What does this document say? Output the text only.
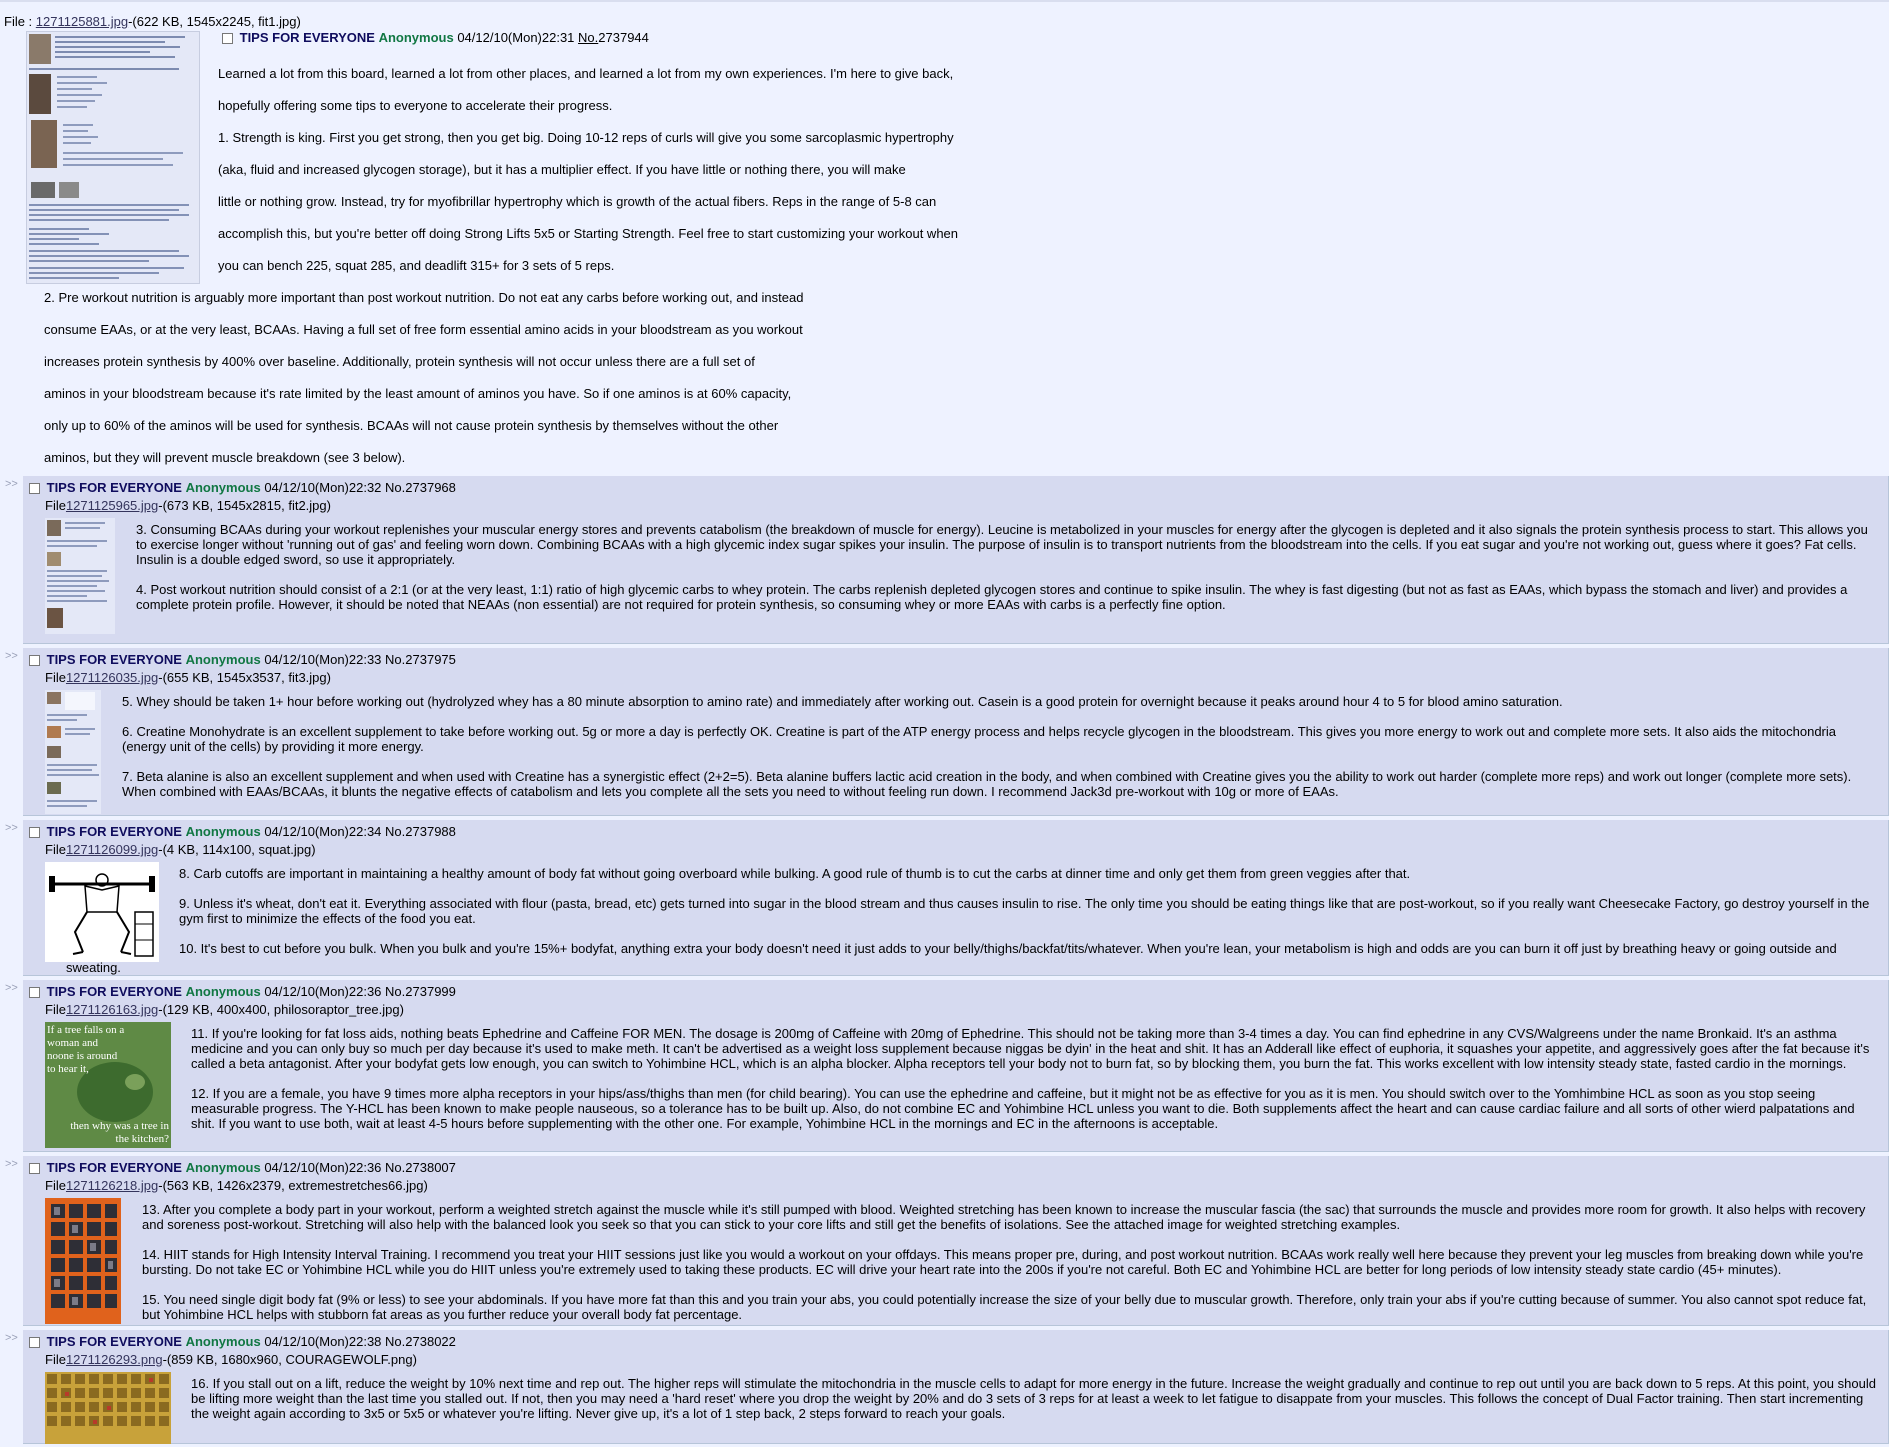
File : 1271125881.jpg-(622 KB, 1545x2245, fit1.jpg)
TIPS FOR EVERYONE Anonymous 04/12/10(Mon)22:31 No.2737944

Learned a lot from this board, learned a lot from other places, and learned a lot from my own experiences. I'm here to give back,

hopefully offering some tips to everyone to accelerate their progress.

1. Strength is king. First you get strong, then you get big. Doing 10-12 reps of curls will give you some sarcoplasmic hypertrophy

(aka, fluid and increased glycogen storage), but it has a multiplier effect. If you have little or nothing there, you will make

little or nothing grow. Instead, try for myofibrillar hypertrophy which is growth of the actual fibers. Reps in the range of 5-8 can

accomplish this, but you're better off doing Strong Lifts 5x5 or Starting Strength. Feel free to start customizing your workout when

you can bench 225, squat 285, and deadlift 315+ for 3 sets of 5 reps.

2. Pre workout nutrition is arguably more important than post workout nutrition. Do not eat any carbs before working out, and instead

consume EAAs, or at the very least, BCAAs. Having a full set of free form essential amino acids in your bloodstream as you workout

increases protein synthesis by 400% over baseline. Additionally, protein synthesis will not occur unless there are a full set of

aminos in your bloodstream because it's rate limited by the least amount of aminos you have. So if one aminos is at 60% capacity,

only up to 60% of the aminos will be used for synthesis. BCAAs will not cause protein synthesis by themselves without the other

aminos, but they will prevent muscle breakdown (see 3 below).

>>	TIPS FOR EVERYONE Anonymous 04/12/10(Mon)22:32 No.2737968
File1271125965.jpg-(673 KB, 1545x2815, fit2.jpg)

3. Consuming BCAAs during your workout replenishes your muscular energy stores and prevents catabolism (the breakdown of muscle for energy). Leucine is metabolized in your muscles for energy after the glycogen is depleted and it also signals the protein synthesis process to start. This allows you to exercise longer without 'running out of gas' and feeling worn down. Combining BCAAs with a high glycemic index sugar spikes your insulin. The purpose of insulin is to transport nutrients from the bloodstream into the cells. If you eat sugar and you're not working out, guess where it goes? Fat cells. Insulin is a double edged sword, so use it appropriately.

4. Post workout nutrition should consist of a 2:1 (or at the very least, 1:1) ratio of high glycemic carbs to whey protein. The carbs replenish depleted glycogen stores and continue to spike insulin. The whey is fast digesting (but not as fast as EAAs, which bypass the stomach and liver) and provides a complete protein profile. However, it should be noted that NEAAs (non essential) are not required for protein synthesis, so consuming whey or more EAAs with carbs is a perfectly fine option.

>>	TIPS FOR EVERYONE Anonymous 04/12/10(Mon)22:33 No.2737975
File1271126035.jpg-(655 KB, 1545x3537, fit3.jpg)

5. Whey should be taken 1+ hour before working out (hydrolyzed whey has a 80 minute absorption to amino rate) and immediately after working out. Casein is a good protein for overnight because it peaks around hour 4 to 5 for blood amino saturation.

6. Creatine Monohydrate is an excellent supplement to take before working out. 5g or more a day is perfectly OK. Creatine is part of the ATP energy process and helps recycle glycogen in the bloodstream. This gives you more energy to work out and complete more sets. It also aids the mitochondria (energy unit of the cells) by providing it more energy.

7. Beta alanine is also an excellent supplement and when used with Creatine has a synergistic effect (2+2=5). Beta alanine buffers lactic acid creation in the body, and when combined with Creatine gives you the ability to work out harder (complete more reps) and work out longer (complete more sets). When combined with EAAs/BCAAs, it blunts the negative effects of catabolism and lets you complete all the sets you need to without feeling run down. I recommend Jack3d pre-workout with 10g or more of EAAs.

>>	TIPS FOR EVERYONE Anonymous 04/12/10(Mon)22:34 No.2737988
File1271126099.jpg-(4 KB, 114x100, squat.jpg)

8. Carb cutoffs are important in maintaining a healthy amount of body fat without going overboard while bulking. A good rule of thumb is to cut the carbs at dinner time and only get them from green veggies after that.

9. Unless it's wheat, don't eat it. Everything associated with flour (pasta, bread, etc) gets turned into sugar in the blood stream and thus causes insulin to rise. The only time you should be eating things like that are post-workout, so if you really want Cheesecake Factory, go destroy yourself in the gym first to minimize the effects of the food you eat.

10. It's best to cut before you bulk. When you bulk and you're 15%+ bodyfat, anything extra your body doesn't need it just adds to your belly/thighs/backfat/tits/whatever. When you're lean, your metabolism is high and odds are you can burn it off just by breathing heavy or going outside and

sweating.
>>	TIPS FOR EVERYONE Anonymous 04/12/10(Mon)22:36 No.2737999
File1271126163.jpg-(129 KB, 400x400, philosoraptor_tree.jpg)
If a tree falls on a woman and noone is around to hear it,
then why was a tree in the kitchen?

11. If you're looking for fat loss aids, nothing beats Ephedrine and Caffeine FOR MEN. The dosage is 200mg of Caffeine with 20mg of Ephedrine. This should not be taking more than 3-4 times a day. You can find ephedrine in any CVS/Walgreens under the name Bronkaid. It's an asthma medicine and you can only buy so much per day because it's used to make meth. It can't be advertised as a weight loss supplement because niggas be dyin' in the heat and shit. It has an Adderall like effect of euphoria, it squashes your appetite, and aggressively goes after the fat because it's called a beta antagonist. After your bodyfat gets low enough, you can switch to Yohimbine HCL, which is an alpha blocker. Alpha receptors tell your body not to burn fat, so by blocking them, you burn the fat. This works excellent with low intensity steady state, fasted cardio in the mornings.

12. If you are a female, you have 9 times more alpha receptors in your hips/ass/thighs than men (for child bearing). You can use the ephedrine and caffeine, but it might not be as effective for you as it is men. You should switch over to the Yomhimbine HCL as soon as you stop seeing measurable progress. The Y-HCL has been known to make people nauseous, so a tolerance has to be built up. Also, do not combine EC and Yohimbine HCL unless you want to die. Both supplements affect the heart and can cause cardiac failure and all sorts of other wierd palpatations and shit. If you want to use both, wait at least 4-5 hours before supplementing with the other one. For example, Yohimbine HCL in the mornings and EC in the afternoons is acceptable.

>>	TIPS FOR EVERYONE Anonymous 04/12/10(Mon)22:36 No.2738007
File1271126218.jpg-(563 KB, 1426x2379, extremestretches66.jpg)

13. After you complete a body part in your workout, perform a weighted stretch against the muscle while it's still pumped with blood. Weighted stretching has been known to increase the muscular fascia (the sac) that surrounds the muscle and provides more room for growth. It also helps with recovery and soreness post-workout. Stretching will also help with the balanced look you seek so that you can stick to your core lifts and still get the benefits of isolations. See the attached image for weighted stretching examples.

14. HIIT stands for High Intensity Interval Training. I recommend you treat your HIIT sessions just like you would a workout on your offdays. This means proper pre, during, and post workout nutrition. BCAAs work really well here because they prevent your leg muscles from breaking down while you're bursting. Do not take EC or Yohimbine HCL while you do HIIT unless you're extremely used to taking these products. EC will drive your heart rate into the 200s if you're not careful. Both EC and Yohimbine HCL are better for long periods of low intensity steady state cardio (45+ minutes).

15. You need single digit body fat (9% or less) to see your abdominals. If you have more fat than this and you train your abs, you could potentially increase the size of your belly due to muscular growth. Therefore, only train your abs if you're cutting because of summer. You also cannot spot reduce fat, but Yohimbine HCL helps with stubborn fat areas as you further reduce your overall body fat percentage.

>>	TIPS FOR EVERYONE Anonymous 04/12/10(Mon)22:38 No.2738022
File1271126293.png-(859 KB, 1680x960, COURAGEWOLF.png)

16. If you stall out on a lift, reduce the weight by 10% next time and rep out. The higher reps will stimulate the mitochondria in the muscle cells to adapt for more energy in the future. Increase the weight gradually and continue to rep out until you are back down to 5 reps. At this point, you should be lifting more weight than the last time you stalled out. If not, then you may need a 'hard reset' where you drop the weight by 20% and do 3 sets of 3 reps for at least a week to let fatigue to disappate from your muscles. This follows the concept of Dual Factor training. Then start incrementing the weight again according to 3x5 or 5x5 or whatever you're lifting. Never give up, it's a lot of 1 step back, 2 steps forward to reach your goals.
